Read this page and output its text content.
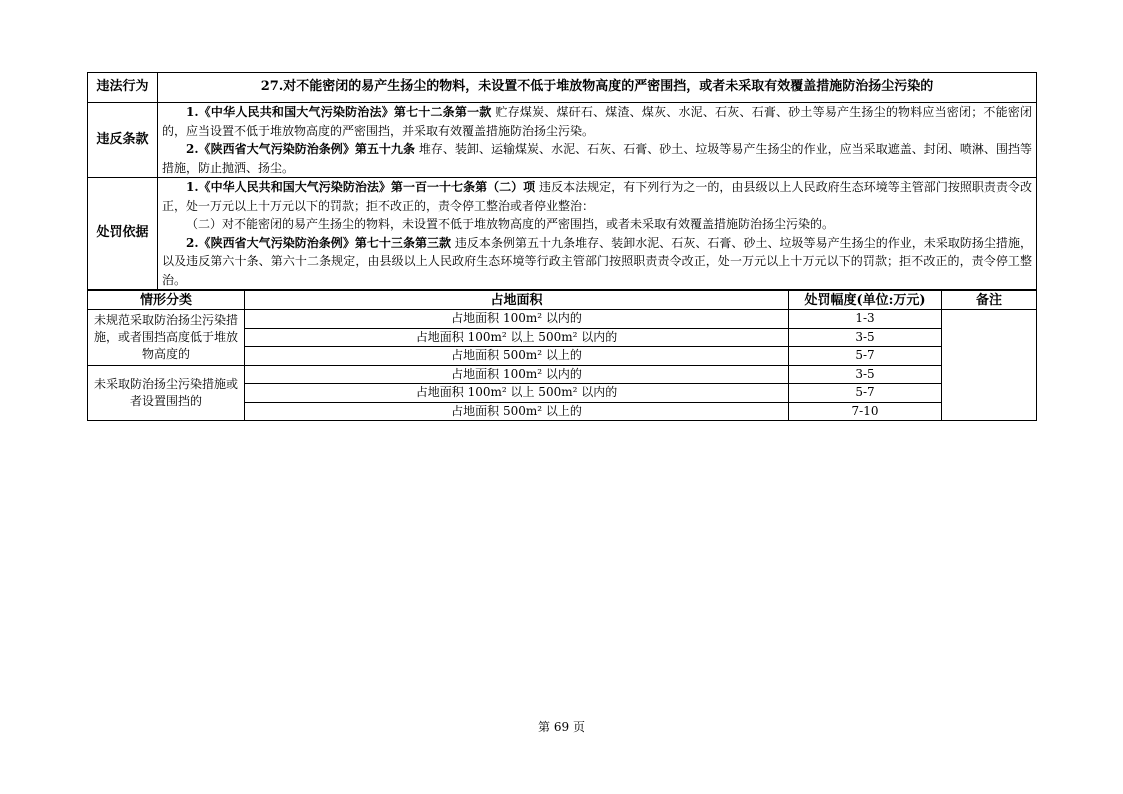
违法行为	27.对不能密闭的易产生扬尘的物料，未设置不低于堆放物高度的严密围挡，或者未采取有效覆盖措施防治扬尘污染的
违反条款	1.《中华人民共和国大气污染防治法》第七十二条第一款 贮存煤炭、煤矸石、煤渣、煤灰、水泥、石灰、石膏、砂土等易产生扬尘的物料应当密闭；不能密闭的，应当设置不低于堆放物高度的严密围挡，并采取有效覆盖措施防治扬尘污染。

2.《陕西省大气污染防治条例》第五十九条 堆存、装卸、运输煤炭、水泥、石灰、石膏、砂土、垃圾等易产生扬尘的作业，应当采取遮盖、封闭、喷淋、围挡等措施，防止抛洒、扬尘。

处罚依据	1.《中华人民共和国大气污染防治法》第一百一十七条第（二）项 违反本法规定，有下列行为之一的，由县级以上人民政府生态环境等主管部门按照职责责令改正，处一万元以上十万元以下的罚款；拒不改正的，责令停工整治或者停业整治：

（二）对不能密闭的易产生扬尘的物料，未设置不低于堆放物高度的严密围挡，或者未采取有效覆盖措施防治扬尘污染的。

2.《陕西省大气污染防治条例》第七十三条第三款 违反本条例第五十九条堆存、装卸水泥、石灰、石膏、砂土、垃圾等易产生扬尘的作业，未采取防扬尘措施，以及违反第六十条、第六十二条规定，由县级以上人民政府生态环境等行政主管部门按照职责责令改正，处一万元以上十万元以下的罚款；拒不改正的，责令停工整治。

情形分类	占地面积	处罚幅度(单位:万元)	备注
未规范采取防治扬尘污染措施，或者围挡高度低于堆放物高度的	占地面积 100m² 以内的	1-3	
	占地面积 100m² 以上 500m² 以内的	3-5	
	占地面积 500m² 以上的	5-7	
未采取防治扬尘污染措施或者设置围挡的	占地面积 100m² 以内的	3-5	
	占地面积 100m² 以上 500m² 以内的	5-7	
	占地面积 500m² 以上的	7-10	
第 69 页
